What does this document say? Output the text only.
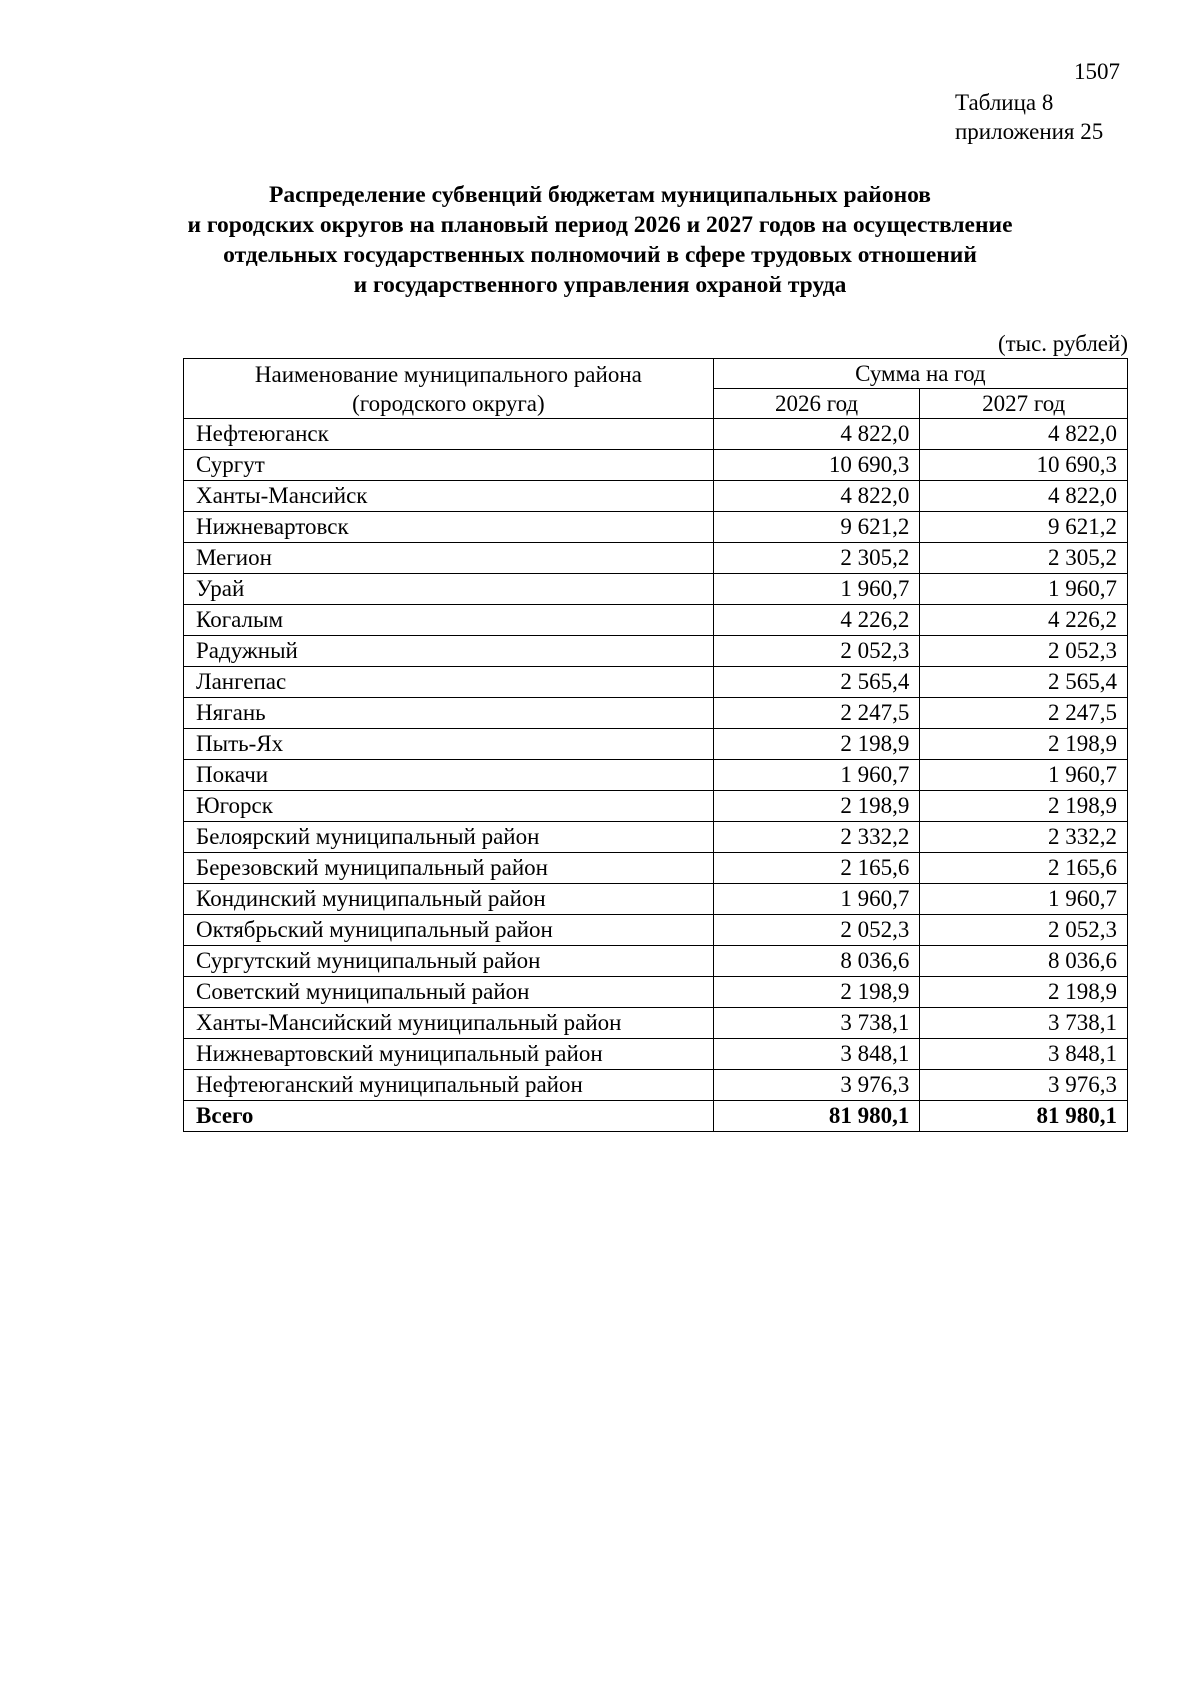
1507
Таблица 8
приложения 25
Распределение субвенций бюджетам муниципальных районов
и городских округов на плановый период 2026 и 2027 годов на осуществление
отдельных государственных полномочий в сфере трудовых отношений
и государственного управления охраной труда
(тыс. рублей)
Наименование муниципального района
(городского округа)	Сумма на год	
	2026 год	2027 год
Нефтеюганск	4 822,0	4 822,0
Сургут	10 690,3	10 690,3
Ханты-Мансийск	4 822,0	4 822,0
Нижневартовск	9 621,2	9 621,2
Мегион	2 305,2	2 305,2
Урай	1 960,7	1 960,7
Когалым	4 226,2	4 226,2
Радужный	2 052,3	2 052,3
Лангепас	2 565,4	2 565,4
Нягань	2 247,5	2 247,5
Пыть-Ях	2 198,9	2 198,9
Покачи	1 960,7	1 960,7
Югорск	2 198,9	2 198,9
Белоярский муниципальный район	2 332,2	2 332,2
Березовский муниципальный район	2 165,6	2 165,6
Кондинский муниципальный район	1 960,7	1 960,7
Октябрьский муниципальный район	2 052,3	2 052,3
Сургутский муниципальный район	8 036,6	8 036,6
Советский муниципальный район	2 198,9	2 198,9
Ханты-Мансийский муниципальный район	3 738,1	3 738,1
Нижневартовский муниципальный район	3 848,1	3 848,1
Нефтеюганский муниципальный район	3 976,3	3 976,3
Всего	81 980,1	81 980,1
